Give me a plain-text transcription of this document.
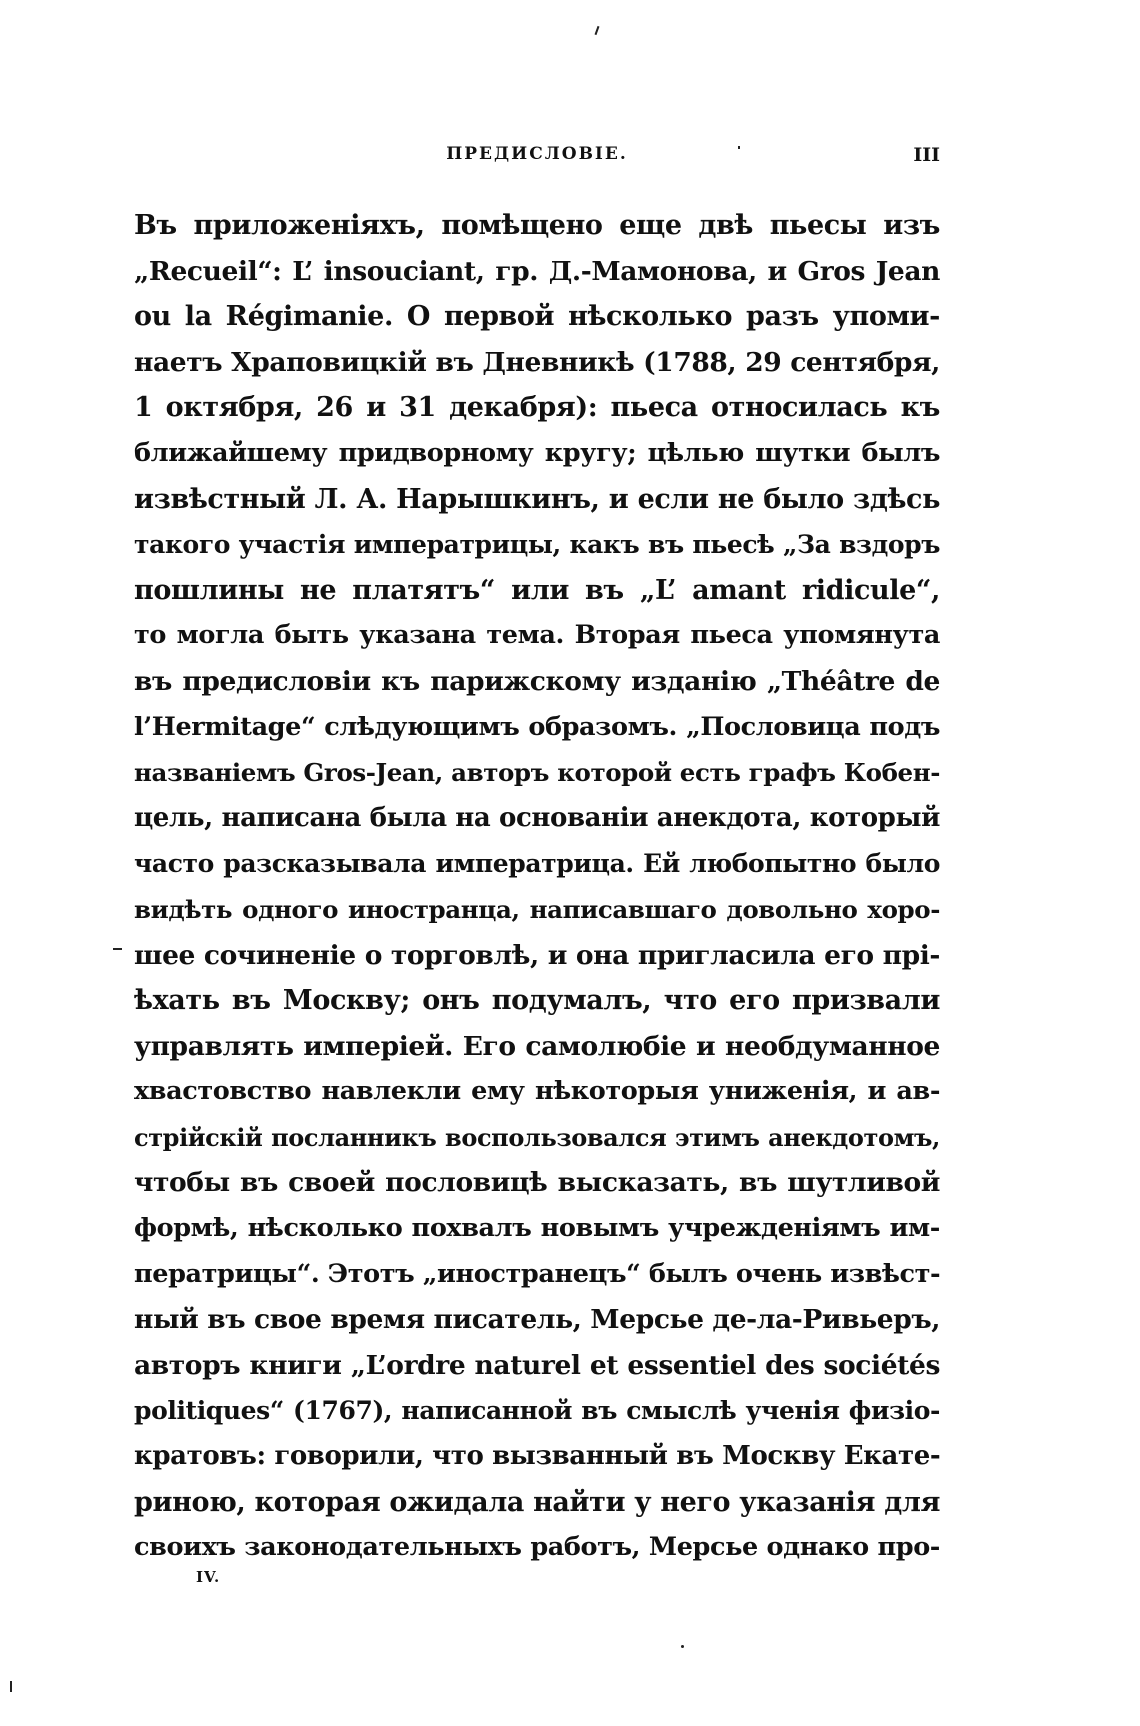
ПРЕДИСЛОВІЕ.	III
Въ приложеніяхъ, помѣщено еще двѣ пьесы изъ
„Recueil“: L’ insouciant, гр. Д.-Мамонова, и Gros Jean
ou la Régimanie. О первой нѣсколько разъ упоми-
наетъ Храповицкій въ Дневникѣ (1788, 29 сентября,
1 октября, 26 и 31 декабря): пьеса относилась къ
ближайшему придворному кругу; цѣлью шутки былъ
извѣстный Л. А. Нарышкинъ, и если не было здѣсь
такого участія императрицы, какъ въ пьесѣ „За вздоръ
пошлины не платятъ“ или въ „L’ amant ridicule“,
то могла быть указана тема. Вторая пьеса упомянута
въ предисловіи къ парижскому изданію „Théâtre de
l’Hermitage“ слѣдующимъ образомъ. „Пословица подъ
названіемъ Gros-Jean, авторъ которой есть графъ Кобен-
цель, написана была на основаніи анекдота, который
часто разсказывала императрица. Ей любопытно было
видѣть одного иностранца, написавшаго довольно хоро-
шее сочиненіе о торговлѣ, и она пригласила его прі-
ѣхать въ Москву; онъ подумалъ, что его призвали
управлять имперіей. Его самолюбіе и необдуманное
хвастовство навлекли ему нѣкоторыя униженія, и ав-
стрійскій посланникъ воспользовался этимъ анекдотомъ,
чтобы въ своей пословицѣ высказать, въ шутливой
формѣ, нѣсколько похвалъ новымъ учрежденіямъ им-
ператрицы“. Этотъ „иностранецъ“ былъ очень извѣст-
ный въ свое время писатель, Мерсье де-ла-Ривьеръ,
авторъ книги „L’ordre naturel et essentiel des sociétés
politiques“ (1767), написанной въ смыслѣ ученія физіо-
кратовъ: говорили, что вызванный въ Москву Екате-
риною, которая ожидала найти у него указанія для
своихъ законодательныхъ работъ, Мерсье однако про-
IV.
